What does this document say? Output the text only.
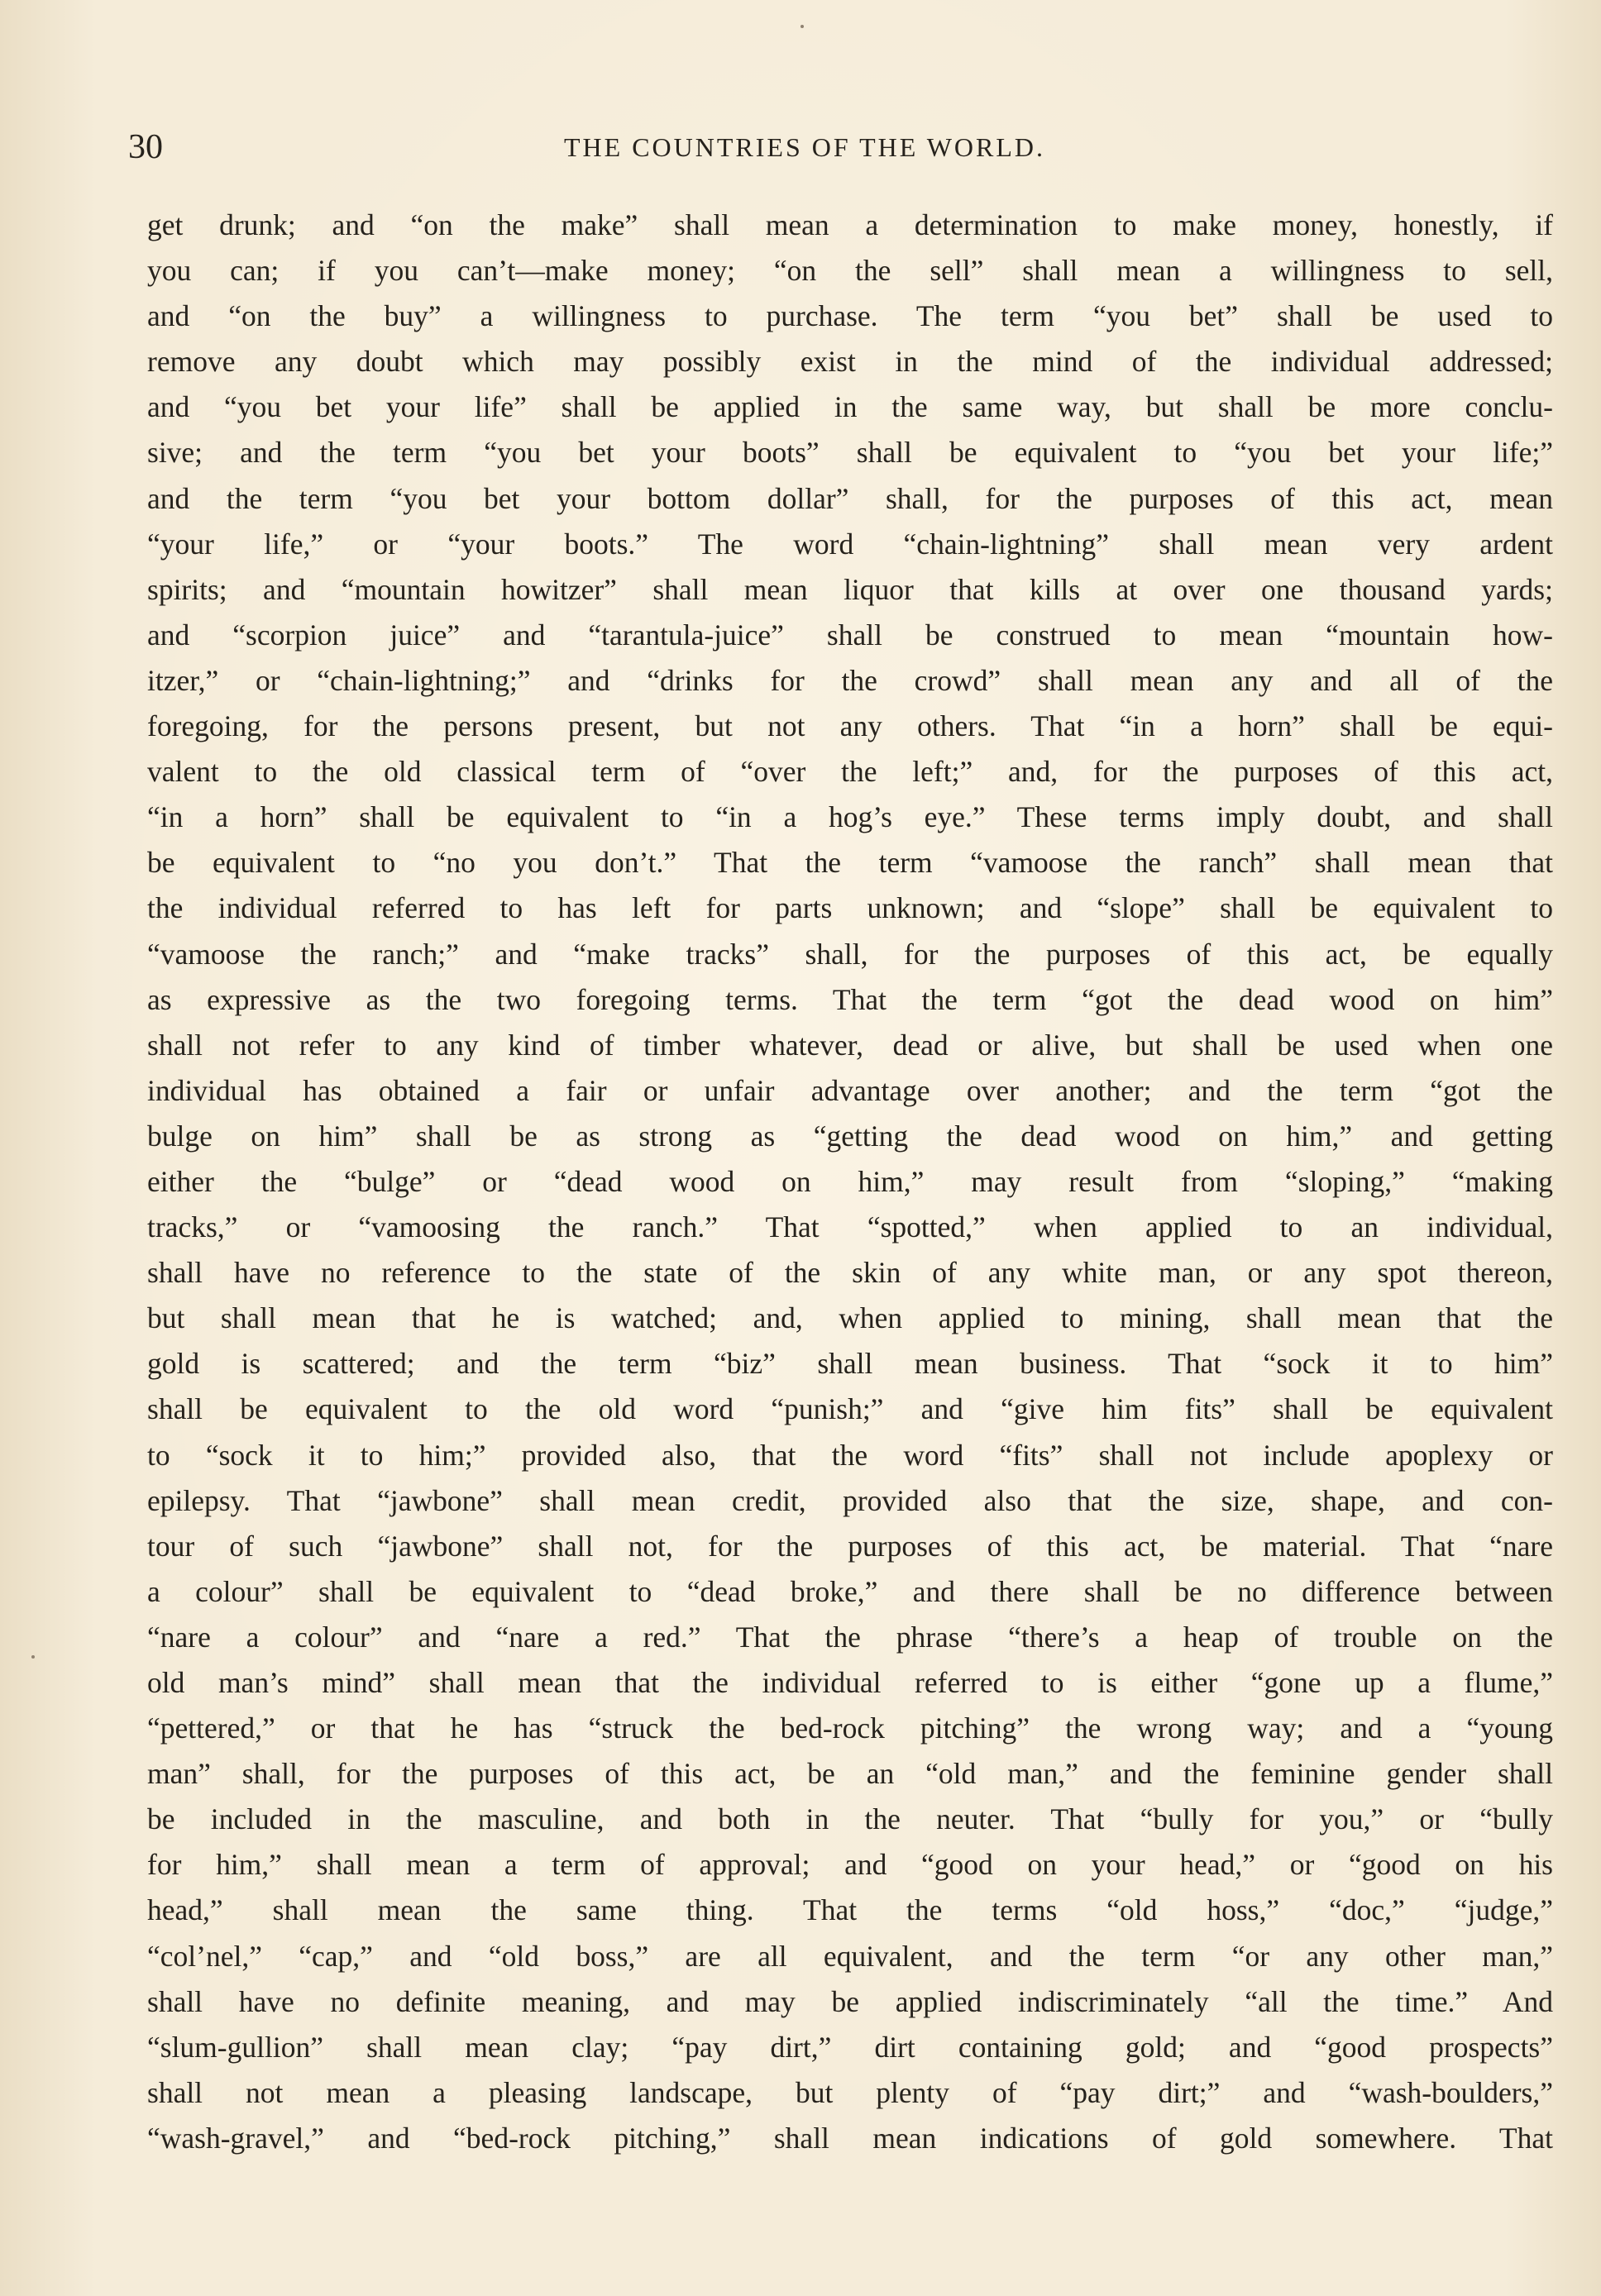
30	THE COUNTRIES OF THE WORLD.
get drunk; and “on the make” shall mean a determination to make money, honestly, if
you can; if you can’t—make money; “on the sell” shall mean a willingness to sell,
and “on the buy” a willingness to purchase. The term “you bet” shall be used to
remove any doubt which may possibly exist in the mind of the individual addressed;
and “you bet your life” shall be applied in the same way, but shall be more conclu-
sive; and the term “you bet your boots” shall be equivalent to “you bet your life;”
and the term “you bet your bottom dollar” shall, for the purposes of this act, mean
“your life,” or “your boots.” The word “chain-lightning” shall mean very ardent
spirits; and “mountain howitzer” shall mean liquor that kills at over one thousand yards;
and “scorpion juice” and “tarantula-juice” shall be construed to mean “mountain how-
itzer,” or “chain-lightning;” and “drinks for the crowd” shall mean any and all of the
foregoing, for the persons present, but not any others. That “in a horn” shall be equi-
valent to the old classical term of “over the left;” and, for the purposes of this act,
“in a horn” shall be equivalent to “in a hog’s eye.” These terms imply doubt, and shall
be equivalent to “no you don’t.” That the term “vamoose the ranch” shall mean that
the individual referred to has left for parts unknown; and “slope” shall be equivalent to
“vamoose the ranch;” and “make tracks” shall, for the purposes of this act, be equally
as expressive as the two foregoing terms. That the term “got the dead wood on him”
shall not refer to any kind of timber whatever, dead or alive, but shall be used when one
individual has obtained a fair or unfair advantage over another; and the term “got the
bulge on him” shall be as strong as “getting the dead wood on him,” and getting
either the “bulge” or “dead wood on him,” may result from “sloping,” “making
tracks,” or “vamoosing the ranch.” That “spotted,” when applied to an individual,
shall have no reference to the state of the skin of any white man, or any spot thereon,
but shall mean that he is watched; and, when applied to mining, shall mean that the
gold is scattered; and the term “biz” shall mean business. That “sock it to him”
shall be equivalent to the old word “punish;” and “give him fits” shall be equivalent
to “sock it to him;” provided also, that the word “fits” shall not include apoplexy or
epilepsy. That “jawbone” shall mean credit, provided also that the size, shape, and con-
tour of such “jawbone” shall not, for the purposes of this act, be material. That “nare
a colour” shall be equivalent to “dead broke,” and there shall be no difference between
“nare a colour” and “nare a red.” That the phrase “there’s a heap of trouble on the
old man’s mind” shall mean that the individual referred to is either “gone up a flume,”
“pettered,” or that he has “struck the bed-rock pitching” the wrong way; and a “young
man” shall, for the purposes of this act, be an “old man,” and the feminine gender shall
be included in the masculine, and both in the neuter. That “bully for you,” or “bully
for him,” shall mean a term of approval; and “good on your head,” or “good on his
head,” shall mean the same thing. That the terms “old hoss,” “doc,” “judge,”
“col’nel,” “cap,” and “old boss,” are all equivalent, and the term “or any other man,”
shall have no definite meaning, and may be applied indiscriminately “all the time.” And
“slum-gullion” shall mean clay; “pay dirt,” dirt containing gold; and “good prospects”
shall not mean a pleasing landscape, but plenty of “pay dirt;” and “wash-boulders,”
“wash-gravel,” and “bed-rock pitching,” shall mean indications of gold somewhere. That
